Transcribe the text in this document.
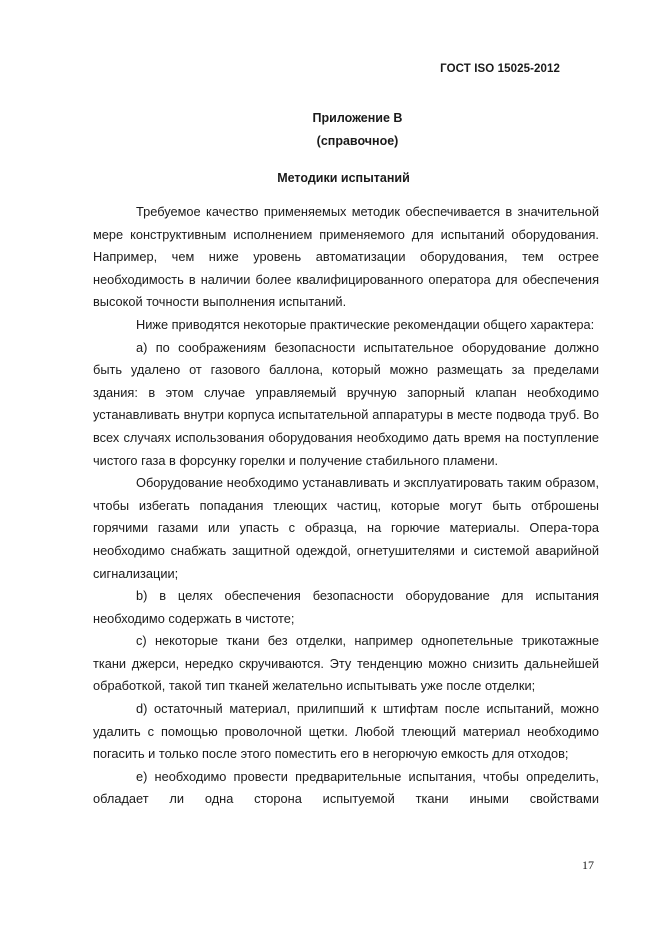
ГОСТ ISO 15025-2012
Приложение В
(справочное)
Методики испытаний

Требуемое качество применяемых методик обеспечивается в значительной мере конструктивным исполнением применяемого для испытаний оборудования. Например, чем ниже уровень автоматизации оборудования, тем острее необходимость в наличии более квалифицированного оператора для обеспечения высокой точности выполнения испытаний.

Ниже приводятся некоторые практические рекомендации общего характера:

а) по соображениям безопасности испытательное оборудование должно быть удалено от газового баллона, который можно размещать за пределами здания: в этом случае управляемый вручную запорный клапан необходимо устанавливать внутри корпуса испытательной аппаратуры в месте подвода труб. Во всех случаях использования оборудования необходимо дать время на поступление чистого газа в форсунку горелки и получение стабильного пламени.

Оборудование необходимо устанавливать и эксплуатировать таким образом, чтобы избегать попадания тлеющих частиц, которые могут быть отброшены горячими газами или упасть с образца, на горючие материалы. Опера-тора необходимо снабжать защитной одеждой, огнетушителями и системой аварийной сигнализации;

b) в целях обеспечения безопасности оборудование для испытания необходимо содержать в чистоте;

c) некоторые ткани без отделки, например однопетельные трикотажные ткани джерси, нередко скручиваются. Эту тенденцию можно снизить дальнейшей обработкой, такой тип тканей желательно испытывать уже после отделки;

d) остаточный материал, прилипший к штифтам после испытаний, можно удалить с помощью проволочной щетки. Любой тлеющий материал необходимо погасить и только после этого поместить его в негорючую емкость для отходов;

e) необходимо провести предварительные испытания, чтобы определить, обладает ли одна сторона испытуемой ткани иными свойствами

17
